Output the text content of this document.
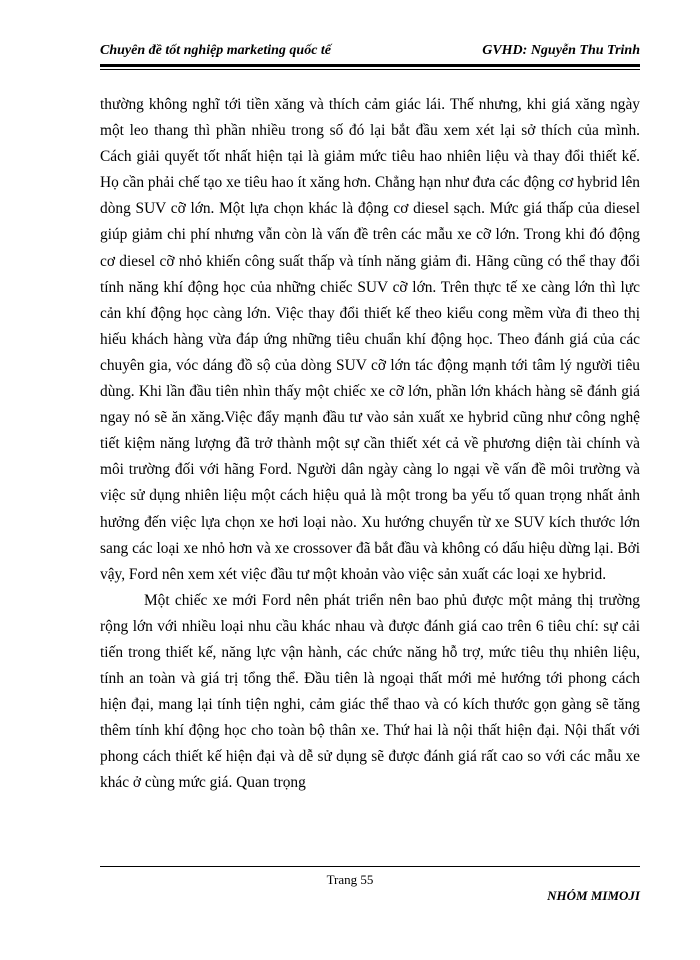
Chuyên đề tốt nghiệp marketing quốc tế	GVHD: Nguyễn Thu Trinh

thường không nghĩ tới tiền xăng và thích cảm giác lái. Thế nhưng, khi giá xăng ngày một leo thang thì phần nhiều trong số đó lại bắt đầu xem xét lại sở thích của mình. Cách giải quyết tốt nhất hiện tại là giảm mức tiêu hao nhiên liệu và thay đổi thiết kế. Họ cần phải chế tạo xe tiêu hao ít xăng hơn. Chẳng hạn như đưa các động cơ hybrid lên dòng SUV cỡ lớn. Một lựa chọn khác là động cơ diesel sạch. Mức giá thấp của diesel giúp giảm chi phí nhưng vẫn còn là vấn đề trên các mẫu xe cỡ lớn. Trong khi đó động cơ diesel cỡ nhỏ khiến công suất thấp và tính năng giảm đi. Hãng cũng có thể thay đổi tính năng khí động học của những chiếc SUV cỡ lớn. Trên thực tế xe càng lớn thì lực cản khí động học càng lớn. Việc thay đổi thiết kế theo kiểu cong mềm vừa đi theo thị hiếu khách hàng vừa đáp ứng những tiêu chuẩn khí động học. Theo đánh giá của các chuyên gia, vóc dáng đồ sộ của dòng SUV cỡ lớn tác động mạnh tới tâm lý người tiêu dùng. Khi lần đầu tiên nhìn thấy một chiếc xe cỡ lớn, phần lớn khách hàng sẽ đánh giá ngay nó sẽ ăn xăng.Việc đẩy mạnh đầu tư vào sản xuất xe hybrid cũng như công nghệ tiết kiệm năng lượng đã trở thành một sự cần thiết xét cả về phương diện tài chính và môi trường đối với hãng Ford. Người dân ngày càng lo ngại về vấn đề môi trường và việc sử dụng nhiên liệu một cách hiệu quả là một trong ba yếu tố quan trọng nhất ảnh hưởng đến việc lựa chọn xe hơi loại nào. Xu hướng chuyển từ xe SUV kích thước lớn sang các loại xe nhỏ hơn và xe crossover đã bắt đầu và không có dấu hiệu dừng lại. Bởi vậy, Ford nên xem xét việc đầu tư một khoản vào việc sản xuất các loại xe hybrid.

Một chiếc xe mới Ford nên phát triển nên bao phủ được một mảng thị trường rộng lớn với nhiều loại nhu cầu khác nhau và được đánh giá cao trên 6 tiêu chí: sự cải tiến trong thiết kế, năng lực vận hành, các chức năng hỗ trợ, mức tiêu thụ nhiên liệu, tính an toàn và giá trị tổng thể. Đầu tiên là ngoại thất mới mẻ hướng tới phong cách hiện đại, mang lại tính tiện nghi, cảm giác thể thao và có kích thước gọn gàng sẽ tăng thêm tính khí động học cho toàn bộ thân xe. Thứ hai là nội thất hiện đại. Nội thất với phong cách thiết kế hiện đại và dễ sử dụng sẽ được đánh giá rất cao so với các mẫu xe khác ở cùng mức giá. Quan trọng

Trang 55
NHÓM MIMOJI
